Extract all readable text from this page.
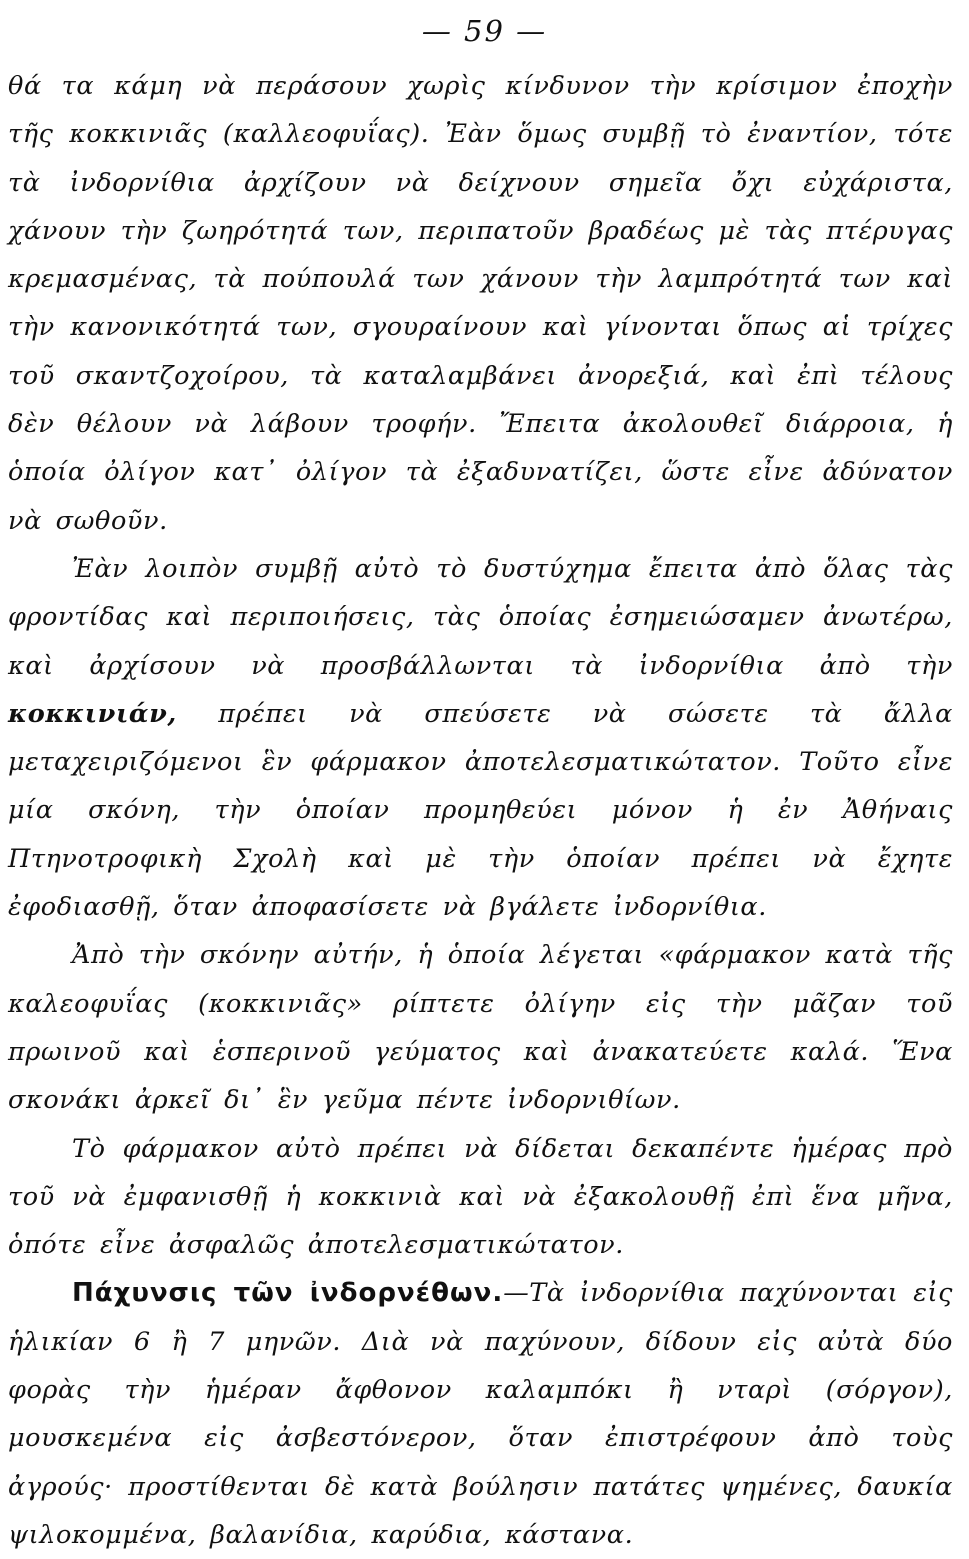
— 59 —

θά τα κάμη νὰ περάσουν χωρὶς κίνδυνον τὴν κρίσιμον ἐποχὴν τῆς κοκκινιᾶς (καλλεοφυΐας). Ἐὰν ὅμως συμβῇ τὸ ἐναντίον, τότε τὰ ἰνδορνίθια ἀρχίζουν νὰ δείχνουν σημεῖα ὄχι εὐχάριστα, χάνουν τὴν ζωηρότητά των, περιπατοῦν βραδέως μὲ τὰς πτέρυγας κρεμασμένας, τὰ πούπουλά των χάνουν τὴν λαμπρότητά των καὶ τὴν κανονικότητά των, σγουραίνουν καὶ γίνονται ὅπως αἱ τρίχες τοῦ σκαντζοχοίρου, τὰ καταλαμβάνει ἀνορεξιά, καὶ ἐπὶ τέλους δὲν θέλουν νὰ λάβουν τροφήν. Ἔπειτα ἀκολουθεῖ διάρροια, ἡ ὁποία ὀλίγον κατ᾽ ὀλίγον τὰ ἐξαδυνατίζει, ὥστε εἶνε ἀδύνατον νὰ σωθοῦν.

Ἐὰν λοιπὸν συμβῇ αὐτὸ τὸ δυστύχημα ἔπειτα ἀπὸ ὅλας τὰς φροντίδας καὶ περιποιήσεις, τὰς ὁποίας ἐσημειώσαμεν ἀνωτέρω, καὶ ἀρχίσουν νὰ προσβάλλωνται τὰ ἰνδορνίθια ἀπὸ τὴν κοκκινιάν, πρέπει νὰ σπεύσετε νὰ σώσετε τὰ ἄλλα μεταχειριζόμενοι ἓν φάρμακον ἀποτελεσματικώτατον. Τοῦτο εἶνε μία σκόνη, τὴν ὁποίαν προμηθεύει μόνον ἡ ἐν Ἀθήναις Πτηνοτροφικὴ Σχολὴ καὶ μὲ τὴν ὁποίαν πρέπει νὰ ἔχητε ἐφοδιασθῇ, ὅταν ἀποφασίσετε νὰ βγάλετε ἰνδορνίθια.

Ἀπὸ τὴν σκόνην αὐτήν, ἡ ὁποία λέγεται «φάρμακον κατὰ τῆς καλεοφυΐας (κοκκινιᾶς» ρίπτετε ὀλίγην εἰς τὴν μᾶζαν τοῦ πρωινοῦ καὶ ἑσπερινοῦ γεύματος καὶ ἀνακατεύετε καλά. Ἕνα σκονάκι ἀρκεῖ δι᾽ ἓν γεῦμα πέντε ἰνδορνιθίων.

Τὸ φάρμακον αὐτὸ πρέπει νὰ δίδεται δεκαπέντε ἡμέρας πρὸ τοῦ νὰ ἐμφανισθῇ ἡ κοκκινιὰ καὶ νὰ ἐξακολουθῇ ἐπὶ ἕνα μῆνα, ὁπότε εἶνε ἀσφαλῶς ἀποτελεσματικώτατον.

Πάχυνσις τῶν ἰνδορνέθων.—Τὰ ἰνδορνίθια παχύνονται εἰς ἡλικίαν 6 ἢ 7 μηνῶν. Διὰ νὰ παχύνουν, δίδουν εἰς αὐτὰ δύο φορὰς τὴν ἡμέραν ἄφθονον καλαμπόκι ἢ νταρὶ (σόργον), μουσκεμένα εἰς ἀσβεστόνερον, ὅταν ἐπιστρέφουν ἀπὸ τοὺς ἀγρούς· προστίθενται δὲ κατὰ βούλησιν πατάτες ψημένες, δαυκία ψιλοκομμένα, βαλανίδια, καρύδια, κάστανα.
